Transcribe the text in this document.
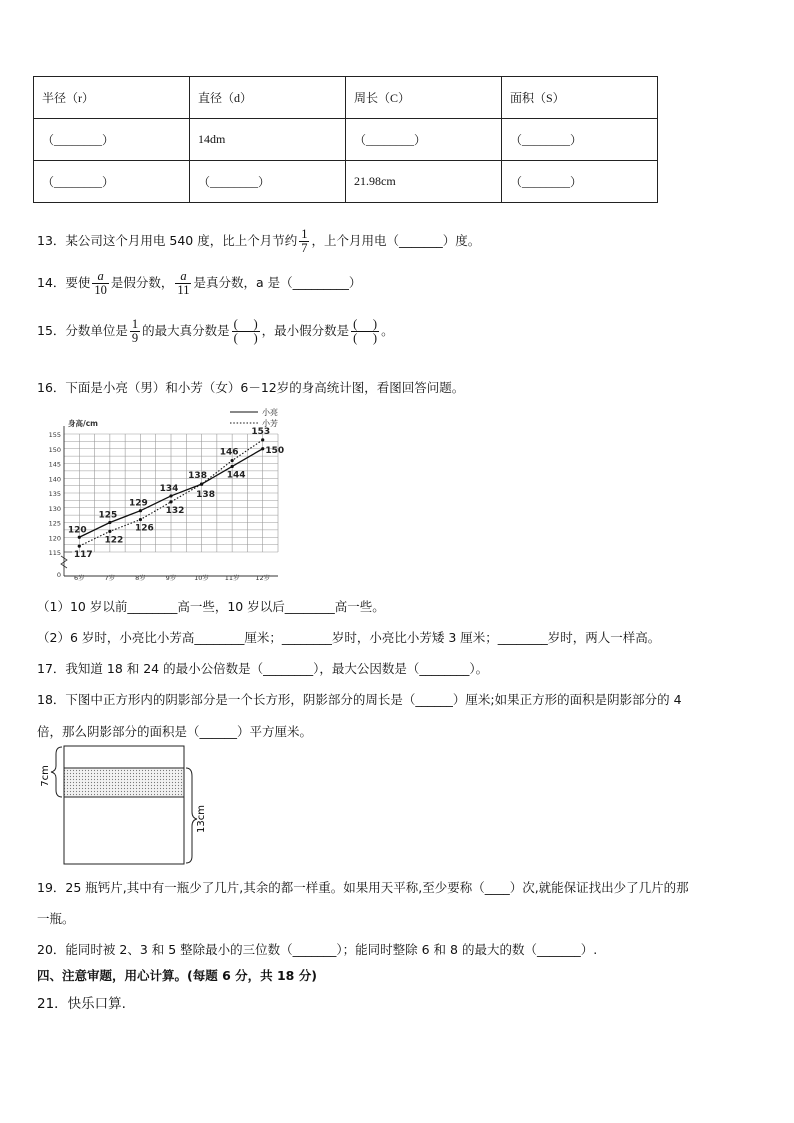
半径（r）	直径（d）	周长（C）	面积（S）
（________）	14dm	（________）	（________）
（________）	（________）	21.98cm	（________）
13．某公司这个月用电 540 度，比上个月节约 $\frac{1}{7}$ ，上个月用电（_______）度。
14．要使 $\frac{a}{10}$ 是假分数， $\frac{a}{11}$ 是真分数，a 是（_________）
15．分数单位是 $\frac{1}{9}$ 的最大真分数是 $\frac{( )}{( )}$ ，最小假分数是 $\frac{( )}{( )}$ 。
16．下面是小亮（男）和小芳（女）6－12岁的身高统计图，看图回答问题。
0
115
120
125
130
135
140
145
150
155
6岁	7岁	8岁	9岁	10岁 11岁 12岁
身高/cm
120
125
129
134
138 144
150
117
122
126
132
138
146
153
小亮
小芳
（1）10 岁以前________高一些，10 岁以后________高一些。
（2）6 岁时，小亮比小芳高________厘米；________岁时，小亮比小芳矮 3 厘米；________岁时，两人一样高。
17．我知道 18 和 24 的最小公倍数是（________），最大公因数是（________）。
18．下图中正方形内的阴影部分是一个长方形，阴影部分的周长是（______）厘米;如果正方形的面积是阴影部分的 4
倍，那么阴影部分的面积是（______）平方厘米。
7cm
13cm
19．25 瓶钙片,其中有一瓶少了几片,其余的都一样重。如果用天平称,至少要称（____）次,就能保证找出少了几片的那
一瓶。
20．能同时被 2、3 和 5 整除最小的三位数（_______）；能同时整除 6 和 8 的最大的数（_______）.
四、注意审题，用心计算。(每题 6 分，共 18 分)
21．快乐口算.
